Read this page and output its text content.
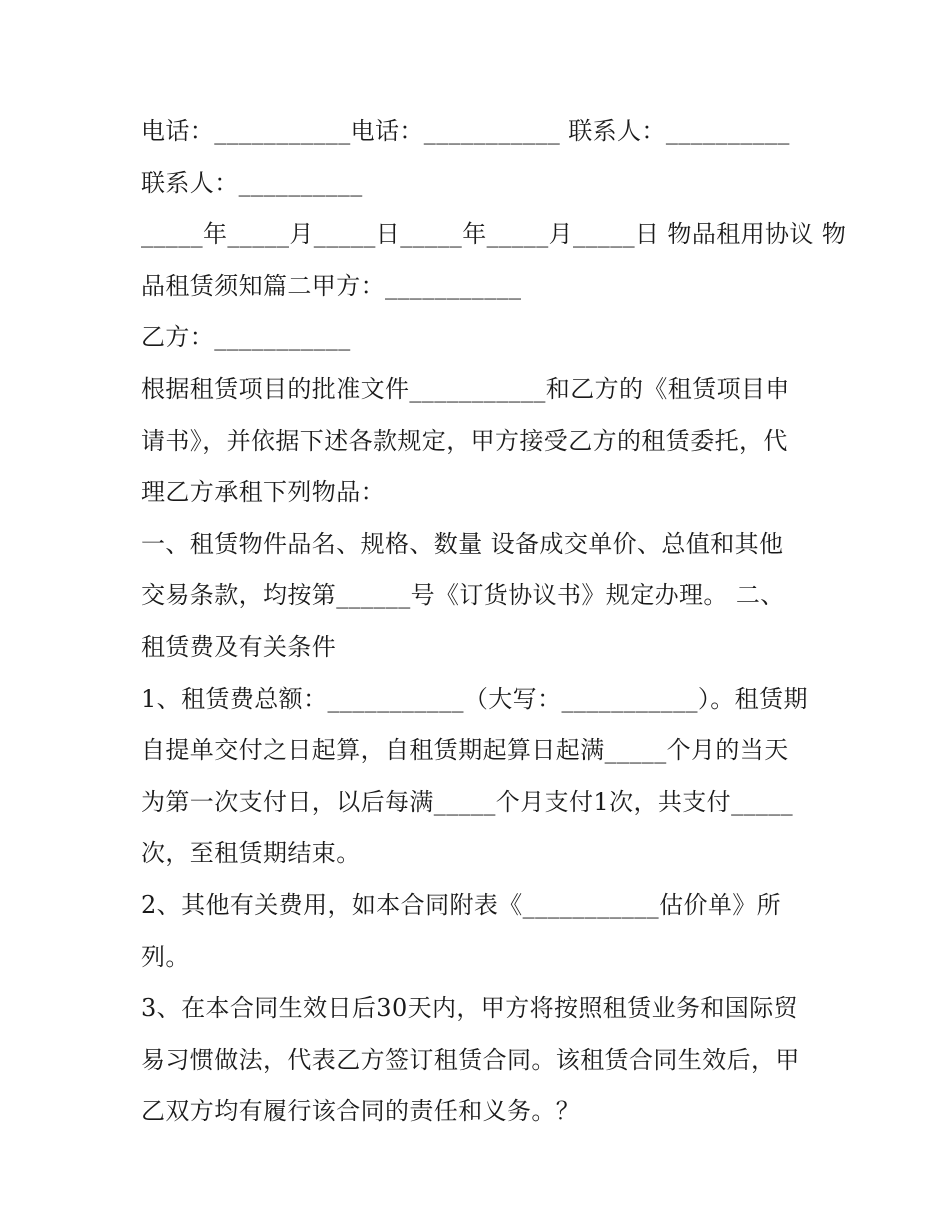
电话：___________电话：___________ 联系人：__________
联系人：__________
_____年_____月_____日_____年_____月_____日 物品租用协议 物
品租赁须知篇二甲方：___________
乙方：___________
根据租赁项目的批准文件___________和乙方的《租赁项目申
请书》，并依据下述各款规定，甲方接受乙方的租赁委托，代
理乙方承租下列物品：
一、租赁物件品名、规格、数量 设备成交单价、总值和其他
交易条款，均按第______号《订货协议书》规定办理。 二、
租赁费及有关条件
1、租赁费总额：___________（大写：___________）。租赁期
自提单交付之日起算，自租赁期起算日起满_____个月的当天
为第一次支付日，以后每满_____个月支付1次，共支付_____
次，至租赁期结束。
2、其他有关费用，如本合同附表《___________估价单》所
列。
3、在本合同生效日后30天内，甲方将按照租赁业务和国际贸
易习惯做法，代表乙方签订租赁合同。该租赁合同生效后，甲
乙双方均有履行该合同的责任和义务。？
